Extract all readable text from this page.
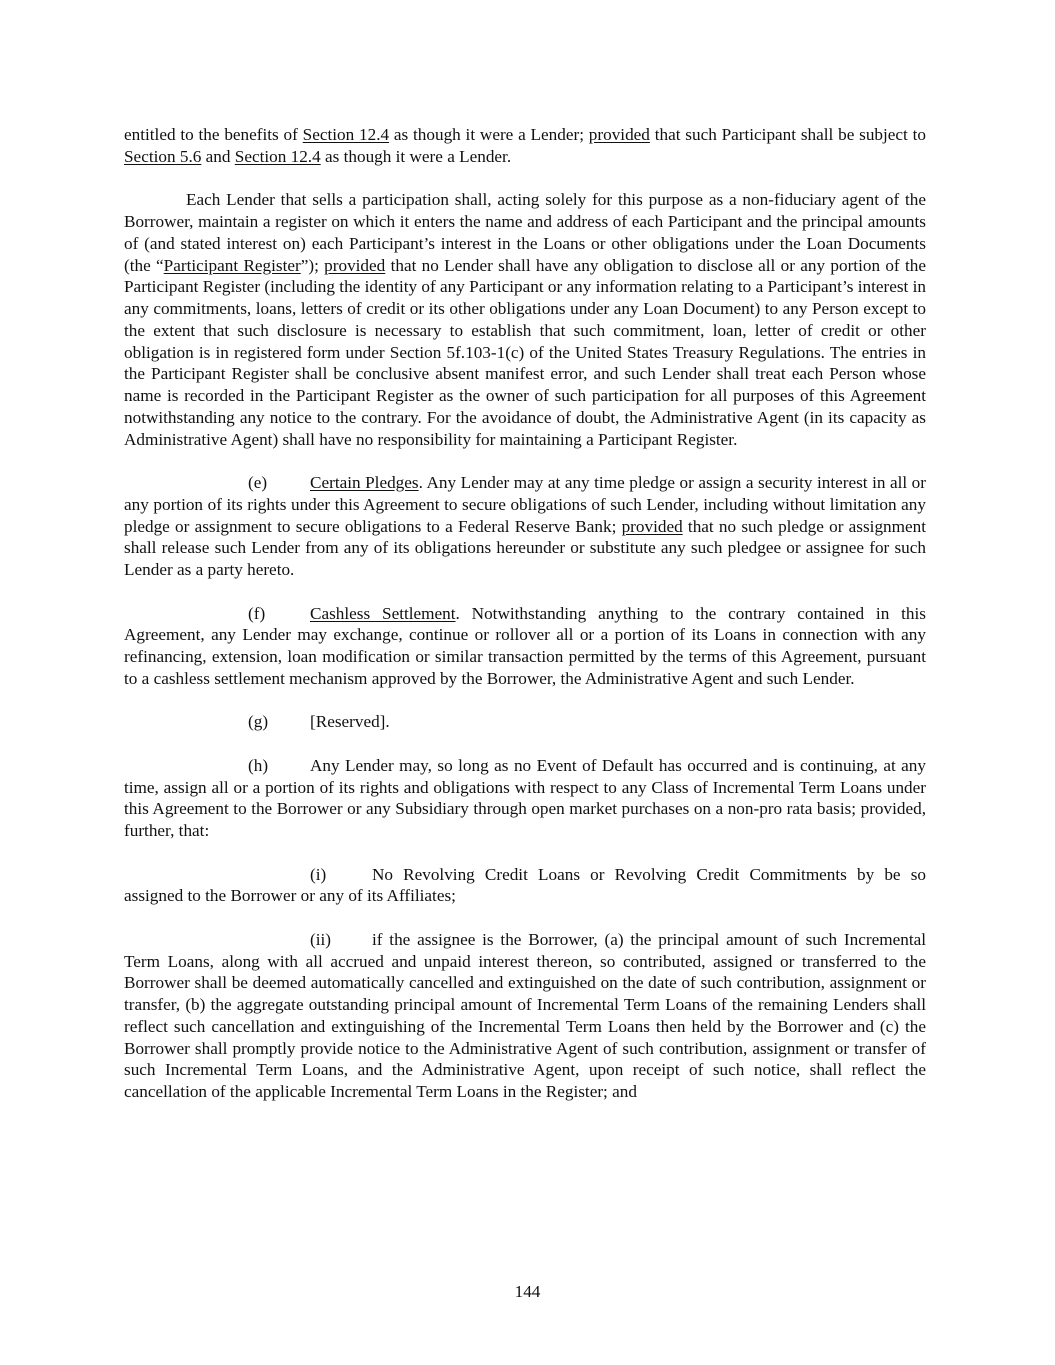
entitled to the benefits of Section 12.4 as though it were a Lender; provided that such Participant shall be subject to Section 5.6 and Section 12.4 as though it were a Lender.

Each Lender that sells a participation shall, acting solely for this purpose as a non-fiduciary agent of the Borrower, maintain a register on which it enters the name and address of each Participant and the principal amounts of (and stated interest on) each Participant’s interest in the Loans or other obligations under the Loan Documents (the “Participant Register”); provided that no Lender shall have any obligation to disclose all or any portion of the Participant Register (including the identity of any Participant or any information relating to a Participant’s interest in any commitments, loans, letters of credit or its other obligations under any Loan Document) to any Person except to the extent that such disclosure is necessary to establish that such commitment, loan, letter of credit or other obligation is in registered form under Section 5f.103-1(c) of the United States Treasury Regulations. The entries in the Participant Register shall be conclusive absent manifest error, and such Lender shall treat each Person whose name is recorded in the Participant Register as the owner of such participation for all purposes of this Agreement notwithstanding any notice to the contrary. For the avoidance of doubt, the Administrative Agent (in its capacity as Administrative Agent) shall have no responsibility for maintaining a Participant Register.

(e) Certain Pledges. Any Lender may at any time pledge or assign a security interest in all or any portion of its rights under this Agreement to secure obligations of such Lender, including without limitation any pledge or assignment to secure obligations to a Federal Reserve Bank; provided that no such pledge or assignment shall release such Lender from any of its obligations hereunder or substitute any such pledgee or assignee for such Lender as a party hereto.

(f)	Cashless Settlement. Notwithstanding anything to the contrary contained in this Agreement, any Lender may exchange, continue or rollover all or a portion of its Loans in connection with any refinancing, extension, loan modification or similar transaction permitted by the terms of this Agreement, pursuant to a cashless settlement mechanism approved by the Borrower, the Administrative Agent and such Lender.

(g) [Reserved].

(h) Any Lender may, so long as no Event of Default has occurred and is continuing, at any time, assign all or a portion of its rights and obligations with respect to any Class of Incremental Term Loans under this Agreement to the Borrower or any Subsidiary through open market purchases on a non-pro rata basis; provided, further, that:

(i)	No Revolving Credit Loans or Revolving Credit Commitments by be so assigned to the Borrower or any of its Affiliates;

(ii) if the assignee is the Borrower, (a) the principal amount of such Incremental Term Loans, along with all accrued and unpaid interest thereon, so contributed, assigned or transferred to the Borrower shall be deemed automatically cancelled and extinguished on the date of such contribution, assignment or transfer, (b) the aggregate outstanding principal amount of Incremental Term Loans of the remaining Lenders shall reflect such cancellation and extinguishing of the Incremental Term Loans then held by the Borrower and (c) the Borrower shall promptly provide notice to the Administrative Agent of such contribution, assignment or transfer of such Incremental Term Loans, and the Administrative Agent, upon receipt of such notice, shall reflect the cancellation of the applicable Incremental Term Loans in the Register; and

144
